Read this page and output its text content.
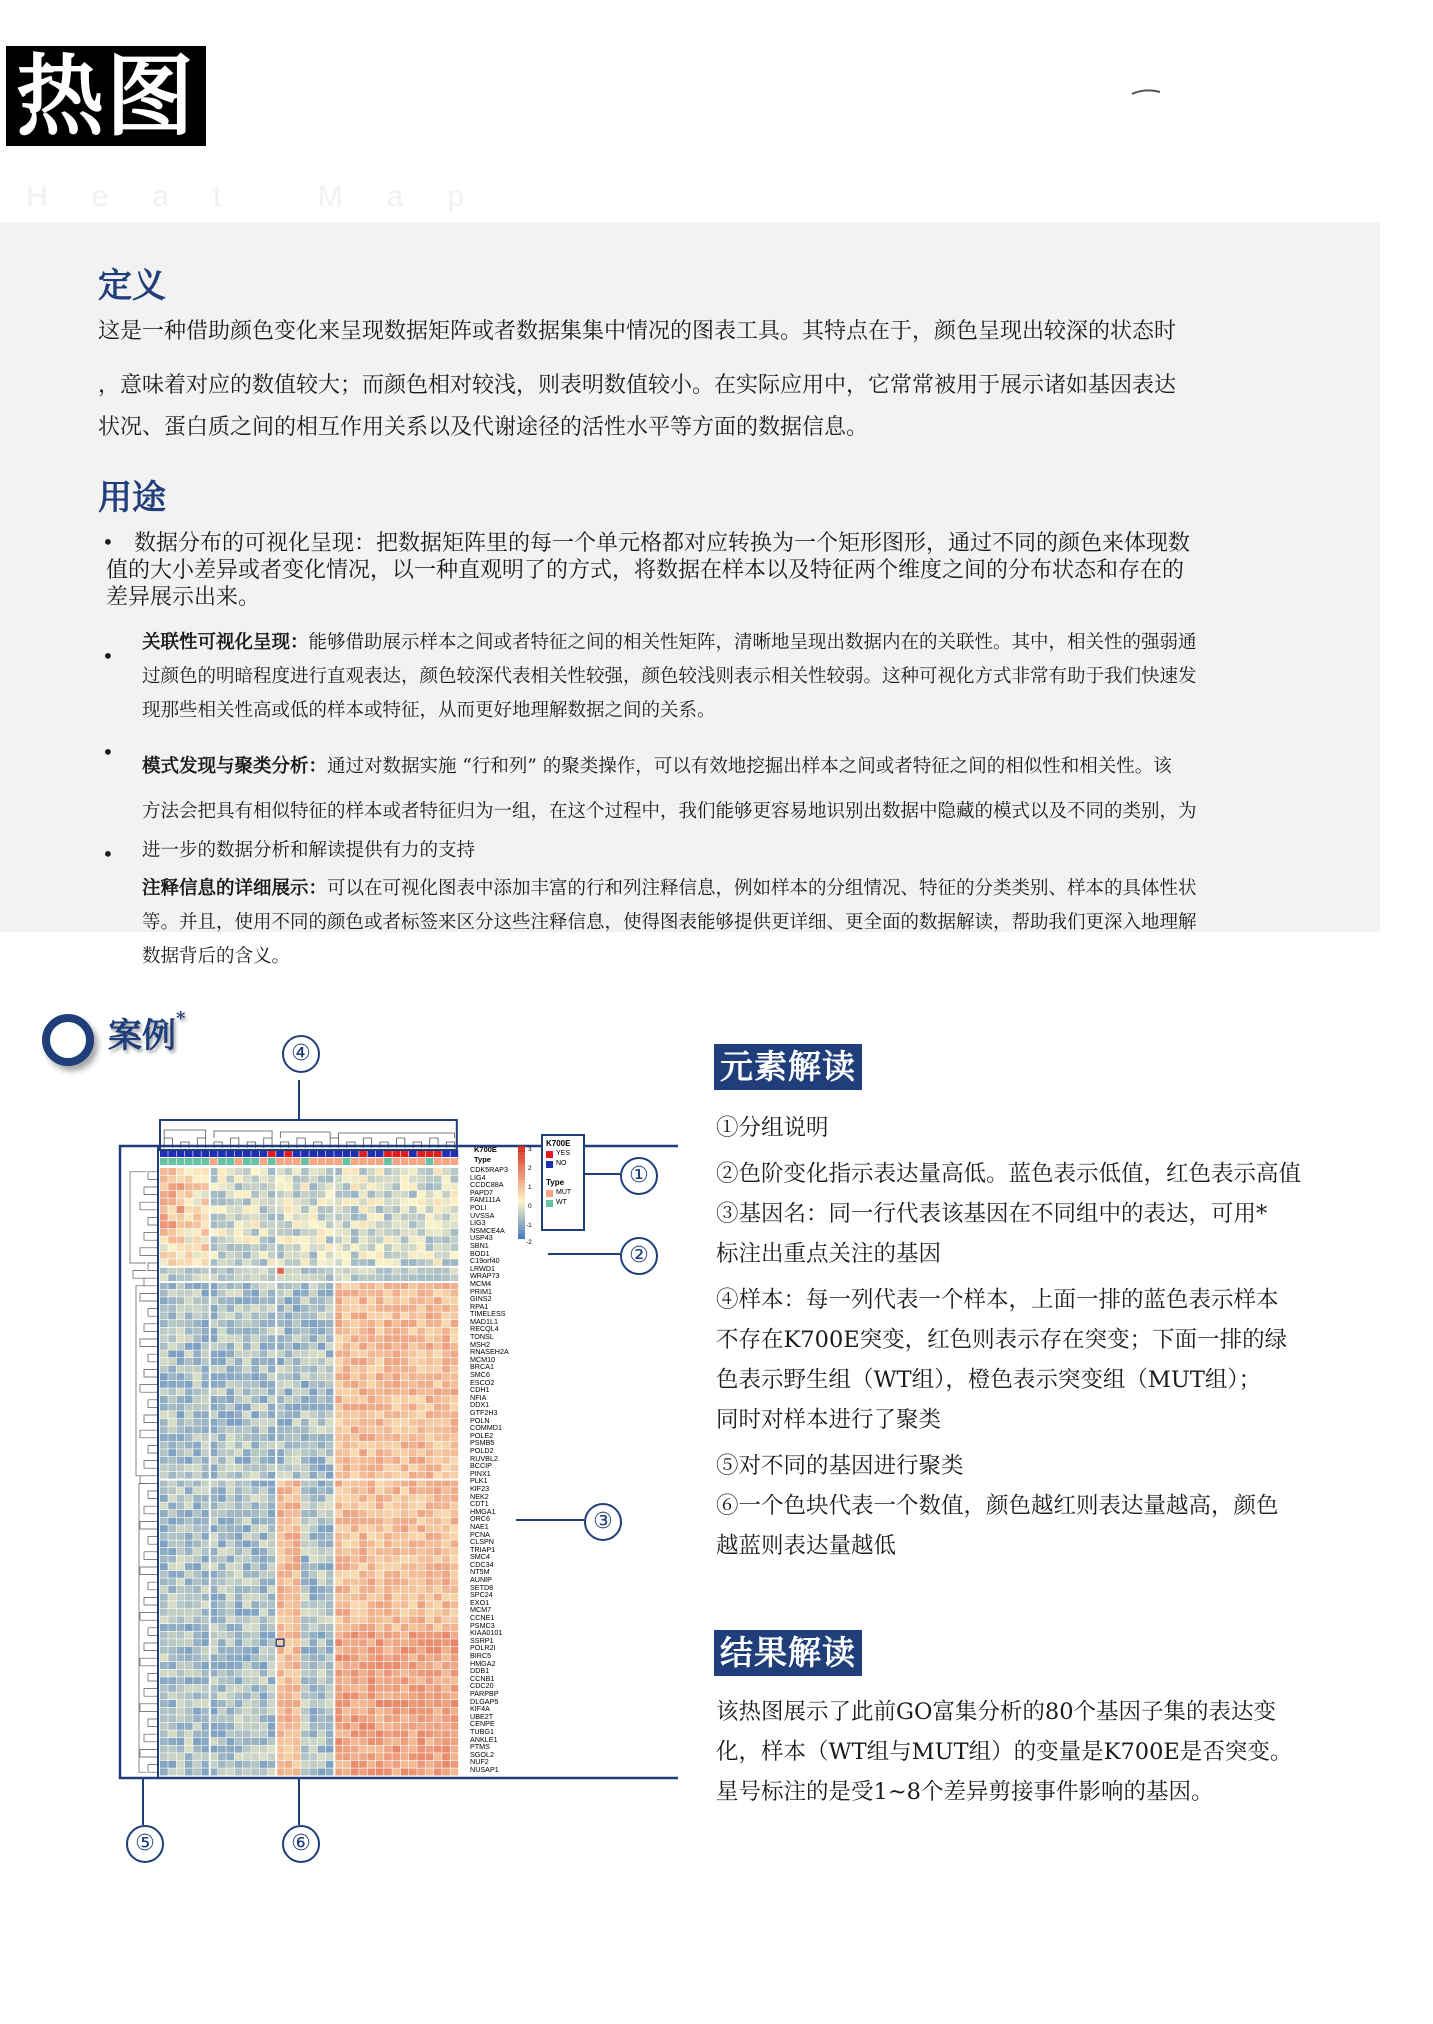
热图
Heat Map
定义
这是一种借助颜色变化来呈现数据矩阵或者数据集集中情况的图表工具。其特点在于，颜色呈现出较深的状态时
，意味着对应的数值较大；而颜色相对较浅，则表明数值较小。在实际应用中，它常常被用于展示诸如基因表达
状况、蛋白质之间的相互作用关系以及代谢途径的活性水平等方面的数据信息。
用途
• 数据分布的可视化呈现：把数据矩阵里的每一个单元格都对应转换为一个矩形图形，通过不同的颜色来体现数
值的大小差异或者变化情况，以一种直观明了的方式，将数据在样本以及特征两个维度之间的分布状态和存在的
差异展示出来。
•
关联性可视化呈现：能够借助展示样本之间或者特征之间的相关性矩阵，清晰地呈现出数据内在的关联性。其中，相关性的强弱通
过颜色的明暗程度进行直观表达，颜色较深代表相关性较强，颜色较浅则表示相关性较弱。这种可视化方式非常有助于我们快速发
现那些相关性高或低的样本或特征，从而更好地理解数据之间的关系。
•
模式发现与聚类分析：通过对数据实施 “行和列” 的聚类操作，可以有效地挖掘出样本之间或者特征之间的相似性和相关性。该
方法会把具有相似特征的样本或者特征归为一组，在这个过程中，我们能够更容易地识别出数据中隐藏的模式以及不同的类别，为
进一步的数据分析和解读提供有力的支持
•
注释信息的详细展示：可以在可视化图表中添加丰富的行和列注释信息，例如样本的分组情况、特征的分类类别、样本的具体性状
等。并且，使用不同的颜色或者标签来区分这些注释信息，使得图表能够提供更详细、更全面的数据解读，帮助我们更深入地理解
数据背后的含义。
案例*
④
①
②
③
⑤	⑥
K700E
Type
K700E
YES
NO
Type
MUT
WT
3
2
1
0
-1
-2
CDK5RAP3
LIG4
CCDC88A
PAPD7
FAM111A
POLI
UVSSA
LIG3
NSMCE4A
USP43
SBN1
BOD1
C19orf40
LRWD1
WRAP73
MCM4
PRIM1
GINS2
RPA1
TIMELESS
MAD1L1
RECQL4
TONSL
MSH2
RNASEH2A
MCM10
BRCA1
SMC6
ESCO2
CDH1
NFIA
DDX1
GTF2H3
POLN
COMMD1
POLE2
PSMB5
POLD2
RUVBL2
BCCIP
PINX1
PLK1
KIF23
NEK2
CDT1
HMGA1
ORC6
NAE1
PCNA
CLSPN
TRIAP1
SMC4
CDC34
NT5M
AUNIP
SETD8
SPC24
EXO1
MCM7
CCNE1
PSMC3
KIAA0101
SSRP1
POLR2I
BIRC5
HMGA2
DDB1
CCNB1
CDC20
PARPBP
DLGAP5
KIF4A
UBE2T
CENPE
TUBG1
ANKLE1
PTMS
SGOL2
NUF2
NUSAP1
元素解读
①分组说明
②色阶变化指示表达量高低。蓝色表示低值，红色表示高值
③基因名：同一行代表该基因在不同组中的表达，可用*
标注出重点关注的基因
④样本：每一列代表一个样本，上面一排的蓝色表示样本
不存在K700E突变，红色则表示存在突变；下面一排的绿
色表示野生组（WT组），橙色表示突变组（MUT组）；
同时对样本进行了聚类
⑤对不同的基因进行聚类
⑥一个色块代表一个数值，颜色越红则表达量越高，颜色
越蓝则表达量越低
结果解读
该热图展示了此前GO富集分析的80个基因子集的表达变
化，样本（WT组与MUT组）的变量是K700E是否突变。
星号标注的是受1~8个差异剪接事件影响的基因。
